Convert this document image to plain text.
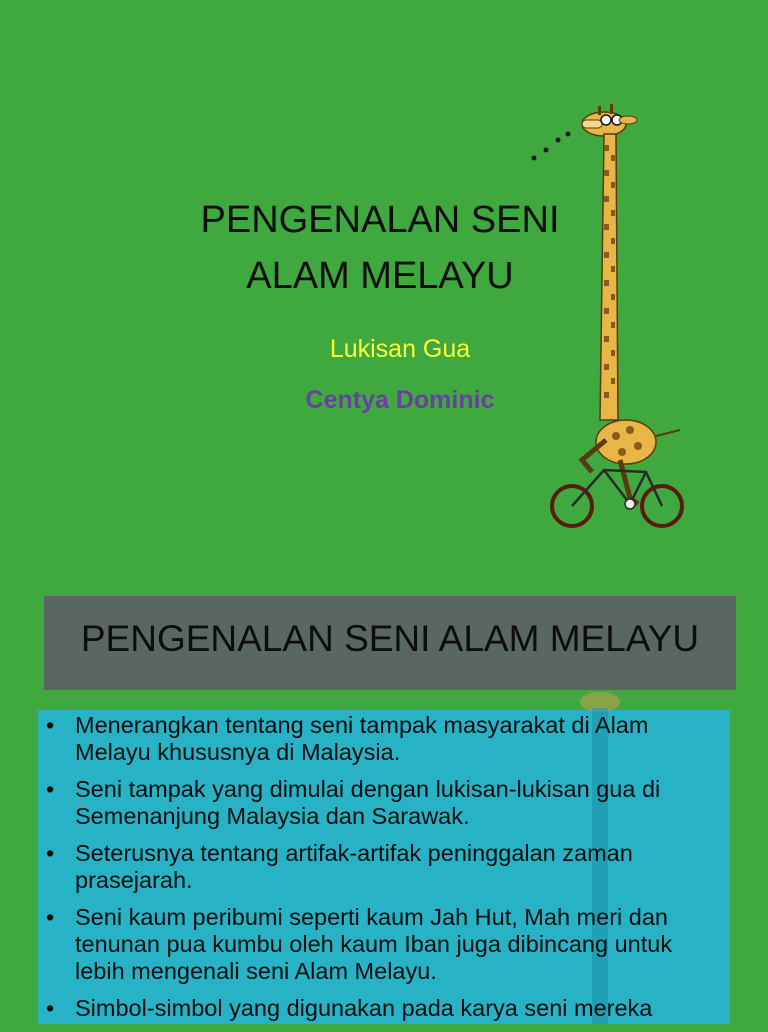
PENGENALAN SENI
ALAM MELAYU
Lukisan Gua
Centya Dominic
PENGENALAN SENI ALAM MELAYU
• Menerangkan tentang seni tampak masyarakat di Alam Melayu khususnya di Malaysia.
• Seni tampak yang dimulai dengan lukisan-lukisan gua di Semenanjung Malaysia dan Sarawak.
• Seterusnya tentang artifak-artifak peninggalan zaman prasejarah.
• Seni kaum peribumi seperti kaum Jah Hut, Mah meri dan tenunan pua kumbu oleh kaum Iban juga dibincang untuk lebih mengenali seni Alam Melayu.
• Simbol-simbol yang digunakan pada karya seni mereka
